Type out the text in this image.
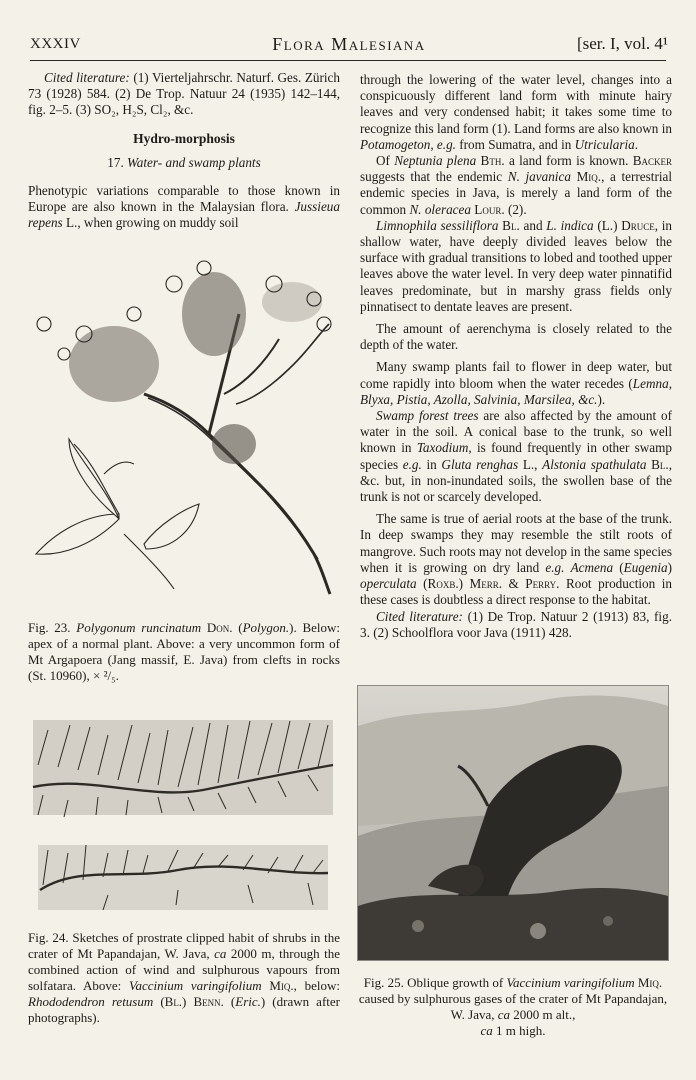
XXXIV	Flora Malesiana	[ser. I, vol. 4¹

Cited literature: (1) Vierteljahrschr. Naturf. Ges. Zürich 73 (1928) 584. (2) De Trop. Natuur 24 (1935) 142–144, fig. 2–5. (3) SO₂, H₂S, Cl₂, &c.

Hydro-morphosis

17. Water- and swamp plants

Phenotypic variations comparable to those known in Europe are also known in the Malaysian flora. Jussieua repens L., when growing on muddy soil

Fig. 23. Polygonum runcinatum Don. (Polygon.). Below: apex of a normal plant. Above: a very uncommon form of Mt Argapoera (Jang massif, E. Java) from clefts in rocks (St. 10960), × ²/₅.
Fig. 24. Sketches of prostrate clipped habit of shrubs in the crater of Mt Papandajan, W. Java, ca 2000 m, through the combined action of wind and sulphurous vapours from solfatara. Above: Vaccinium varingifolium Miq., below: Rhododendron retusum (Bl.) Benn. (Eric.) (drawn after photographs).

through the lowering of the water level, changes into a conspicuously different land form with minute hairy leaves and very condensed habit; it takes some time to recognize this land form (1). Land forms are also known in Potamogeton, e.g. from Sumatra, and in Utricularia.

Of Neptunia plena Bth. a land form is known. Backer suggests that the endemic N. javanica Miq., a terrestrial endemic species in Java, is merely a land form of the common N. oleracea Lour. (2).

Limnophila sessiliflora Bl. and L. indica (L.) Druce, in shallow water, have deeply divided leaves below the surface with gradual transitions to lobed and toothed upper leaves above the water level. In very deep water pinnatifid leaves predominate, but in marshy grass fields only pinnatisect to dentate leaves are present.

The amount of aerenchyma is closely related to the depth of the water.

Many swamp plants fail to flower in deep water, but come rapidly into bloom when the water recedes (Lemna, Blyxa, Pistia, Azolla, Salvinia, Marsilea, &c.).

Swamp forest trees are also affected by the amount of water in the soil. A conical base to the trunk, so well known in Taxodium, is found frequently in other swamp species e.g. in Gluta renghas L., Alstonia spathulata Bl., &c. but, in non-inundated soils, the swollen base of the trunk is not or scarcely developed.

The same is true of aerial roots at the base of the trunk. In deep swamps they may resemble the stilt roots of mangrove. Such roots may not develop in the same species when it is growing on dry land e.g. Acmena (Eugenia) operculata (Roxb.) Merr. & Perry. Root production in these cases is doubtless a direct response to the habitat.

Cited literature: (1) De Trop. Natuur 2 (1913) 83, fig. 3. (2) Schoolflora voor Java (1911) 428.

Fig. 25. Oblique growth of Vaccinium varingifolium Miq. caused by sulphurous gases of the crater of Mt Papandajan, W. Java, ca 2000 m alt.,
ca 1 m high.
